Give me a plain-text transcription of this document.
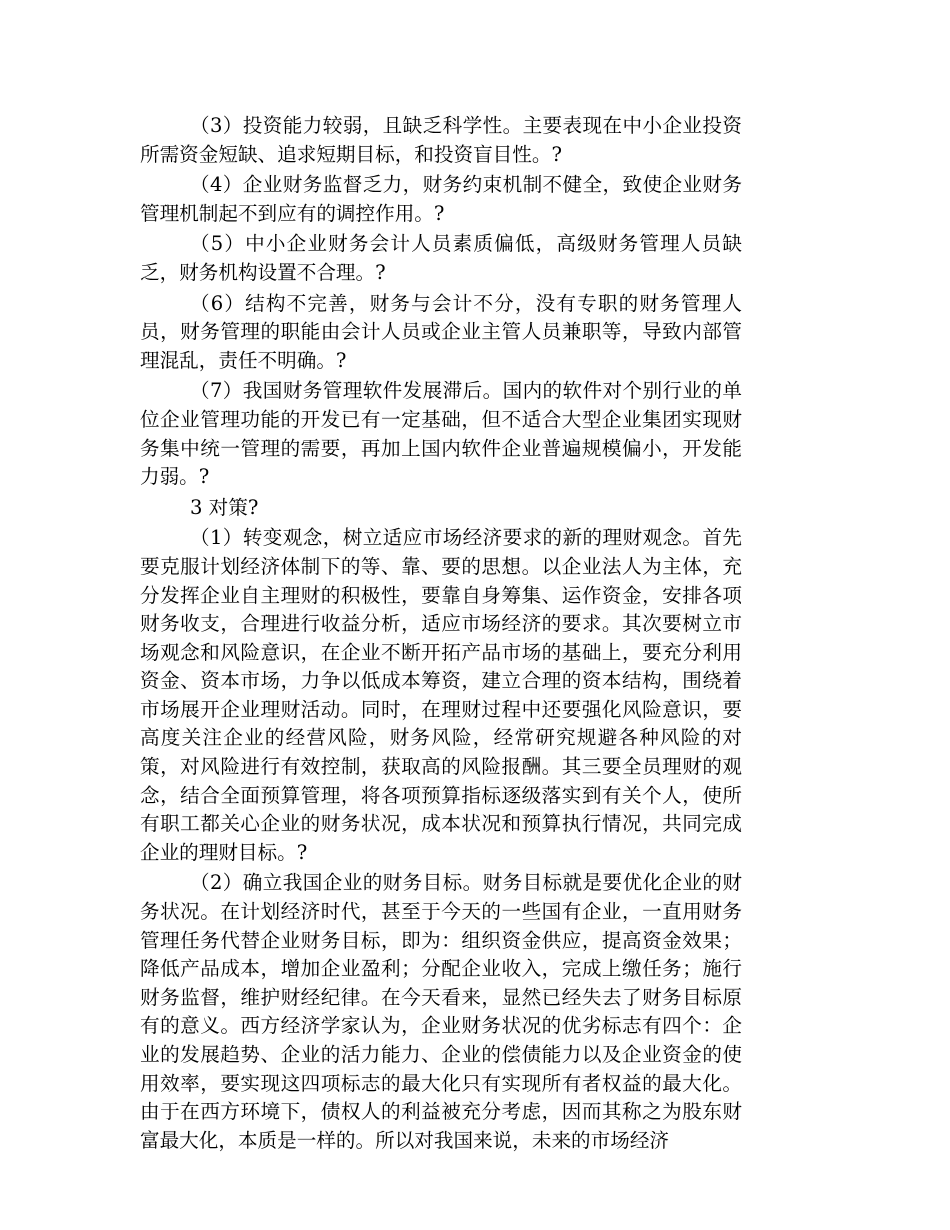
（3）投资能力较弱，且缺乏科学性。主要表现在中小企业投资所需资金短缺、追求短期目标，和投资盲目性。?

（4）企业财务监督乏力，财务约束机制不健全，致使企业财务管理机制起不到应有的调控作用。?

（5）中小企业财务会计人员素质偏低，高级财务管理人员缺乏，财务机构设置不合理。?

（6）结构不完善，财务与会计不分，没有专职的财务管理人员，财务管理的职能由会计人员或企业主管人员兼职等，导致内部管理混乱，责任不明确。?

（7）我国财务管理软件发展滞后。国内的软件对个别行业的单位企业管理功能的开发已有一定基础，但不适合大型企业集团实现财务集中统一管理的需要，再加上国内软件企业普遍规模偏小，开发能力弱。?

3 对策?

（1）转变观念，树立适应市场经济要求的新的理财观念。首先要克服计划经济体制下的等、靠、要的思想。以企业法人为主体，充分发挥企业自主理财的积极性，要靠自身筹集、运作资金，安排各项财务收支，合理进行收益分析，适应市场经济的要求。其次要树立市场观念和风险意识，在企业不断开拓产品市场的基础上，要充分利用资金、资本市场，力争以低成本筹资，建立合理的资本结构，围绕着市场展开企业理财活动。同时，在理财过程中还要强化风险意识，要高度关注企业的经营风险，财务风险，经常研究规避各种风险的对策，对风险进行有效控制，获取高的风险报酬。其三要全员理财的观念，结合全面预算管理，将各项预算指标逐级落实到有关个人，使所有职工都关心企业的财务状况，成本状况和预算执行情况，共同完成企业的理财目标。?

（2）确立我国企业的财务目标。财务目标就是要优化企业的财务状况。在计划经济时代，甚至于今天的一些国有企业，一直用财务管理任务代替企业财务目标，即为：组织资金供应，提高资金效果；降低产品成本，增加企业盈利；分配企业收入，完成上缴任务；施行财务监督，维护财经纪律。在今天看来，显然已经失去了财务目标原有的意义。西方经济学家认为，企业财务状况的优劣标志有四个：企业的发展趋势、企业的活力能力、企业的偿债能力以及企业资金的使用效率，要实现这四项标志的最大化只有实现所有者权益的最大化。由于在西方环境下，债权人的利益被充分考虑，因而其称之为股东财富最大化，本质是一样的。所以对我国来说，未来的市场经济
